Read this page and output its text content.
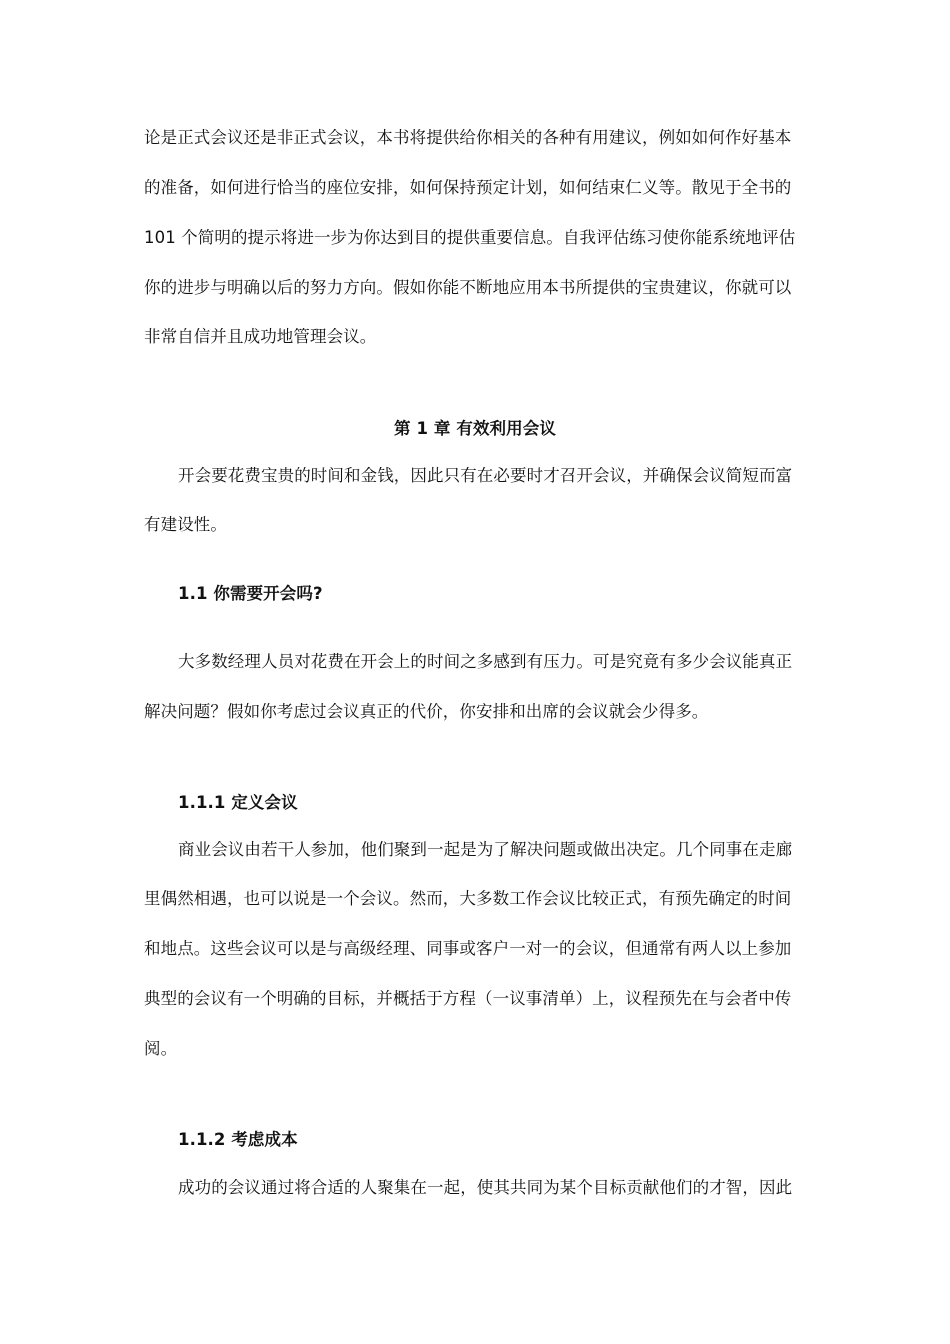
论是正式会议还是非正式会议，本书将提供给你相关的各种有用建议，例如如何作好基本
的准备，如何进行恰当的座位安排，如何保持预定计划，如何结束仁义等。散见于全书的
101 个简明的提示将进一步为你达到目的提供重要信息。自我评估练习使你能系统地评估
你的进步与明确以后的努力方向。假如你能不断地应用本书所提供的宝贵建议，你就可以
非常自信并且成功地管理会议。
第 1 章 有效利用会议
开会要花费宝贵的时间和金钱，因此只有在必要时才召开会议，并确保会议简短而富
有建设性。
1.1 你需要开会吗?
大多数经理人员对花费在开会上的时间之多感到有压力。可是究竟有多少会议能真正
解决问题？假如你考虑过会议真正的代价，你安排和出席的会议就会少得多。
1.1.1 定义会议
商业会议由若干人参加，他们聚到一起是为了解决问题或做出决定。几个同事在走廊
里偶然相遇，也可以说是一个会议。然而，大多数工作会议比较正式，有预先确定的时间
和地点。这些会议可以是与高级经理、同事或客户一对一的会议，但通常有两人以上参加
典型的会议有一个明确的目标，并概括于方程（一议事清单）上，议程预先在与会者中传
阅。
1.1.2 考虑成本
成功的会议通过将合适的人聚集在一起，使其共同为某个目标贡献他们的才智，因此
